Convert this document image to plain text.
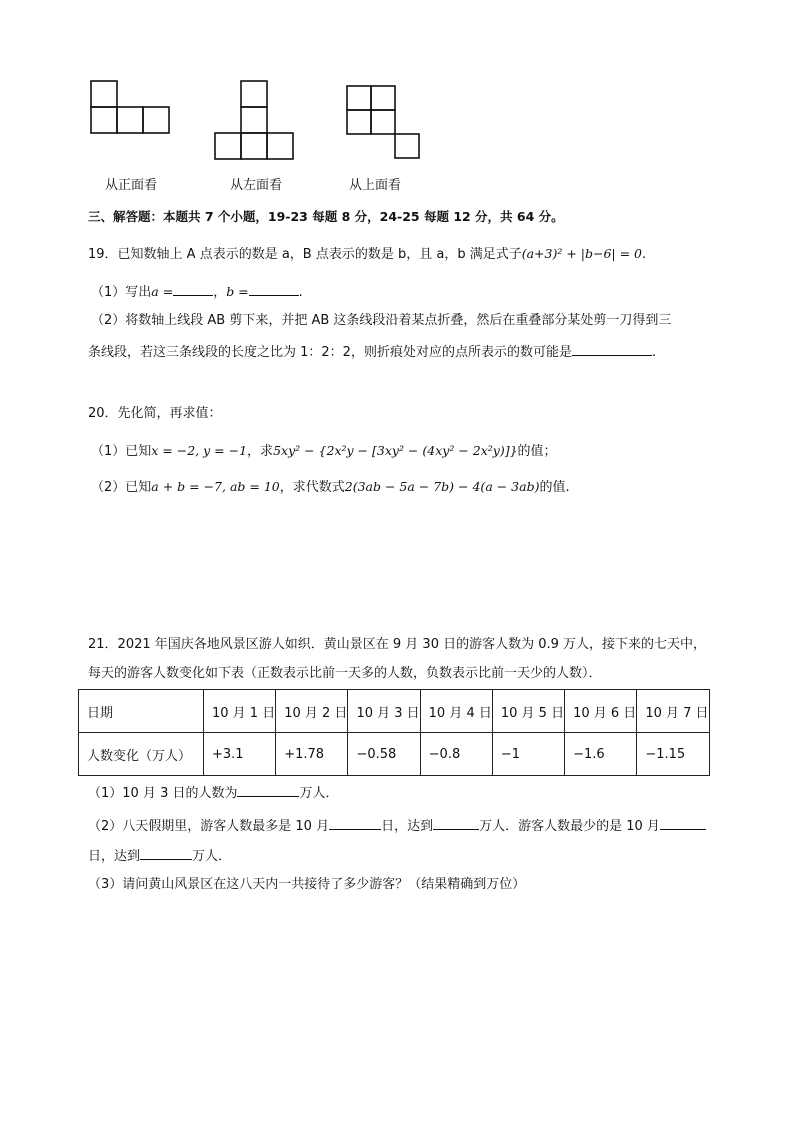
从正面看	从左面看	从上面看
三、解答题：本题共 7 个小题，19-23 每题 8 分，24-25 每题 12 分，共 64 分。
19．已知数轴上 A 点表示的数是 a，B 点表示的数是 b，且 a，b 满足式子(a+3)² + |b−6| = 0.
（1）写出a =	，b =	.
（2）将数轴上线段 AB 剪下来，并把 AB 这条线段沿着某点折叠，然后在重叠部分某处剪一刀得到三
条线段，若这三条线段的长度之比为 1：2：2，则折痕处对应的点所表示的数可能是	.
20．先化简，再求值：
（1）已知x = −2, y = −1，求5xy² − {2x²y − [3xy² − (4xy² − 2x²y)]}的值；
（2）已知a + b = −7, ab = 10，求代数式2(3ab − 5a − 7b) − 4(a − 3ab)的值.
21．2021 年国庆各地风景区游人如织．黄山景区在 9 月 30 日的游客人数为 0.9 万人，接下来的七天中，
每天的游客人数变化如下表（正数表示比前一天多的人数，负数表示比前一天少的人数）．
日期	10 月 1 日	10 月 2 日	10 月 3 日	10 月 4 日	10 月 5 日	10 月 6 日	10 月 7 日
人数变化（万人）	+3.1	+1.78	−0.58	−0.8	−1	−1.6	−1.15
（1）10 月 3 日的人数为	万人．
（2）八天假期里，游客人数最多是 10 月	日，达到	万人．游客人数最少的是 10 月
日，达到	万人．
（3）请问黄山风景区在这八天内一共接待了多少游客？（结果精确到万位）
